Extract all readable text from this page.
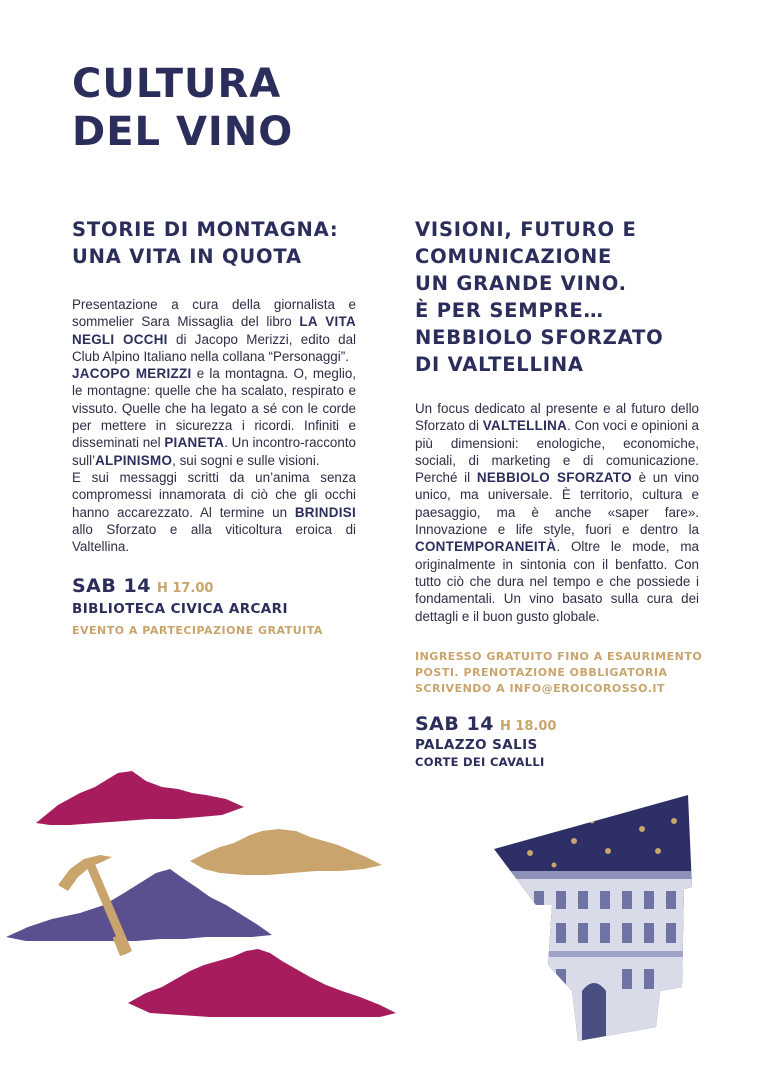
CULTURA
DEL VINO
STORIE DI MONTAGNA:
UNA VITA IN QUOTA

Presentazione a cura della giornalista e sommelier Sara Missaglia del libro LA VITA NEGLI OCCHI di Jacopo Merizzi, edito dal Club Alpino Italiano nella collana “Personaggi”.

JACOPO MERIZZI e la montagna. O, meglio, le montagne: quelle che ha scalato, respirato e vissuto. Quelle che ha legato a sé con le corde per mettere in sicurezza i ricordi. Infiniti e disseminati nel PIANETA. Un incontro-racconto sull’ALPINISMO, sui sogni e sulle visioni.

E sui messaggi scritti da un’anima senza compromessi innamorata di ciò che gli occhi hanno accarezzato. Al termine un BRINDISI allo Sforzato e alla viticoltura eroica di Valtellina.

SAB 14 H 17.00

BIBLIOTECA CIVICA ARCARI

EVENTO A PARTECIPAZIONE GRATUITA

VISIONI, FUTURO E
COMUNICAZIONE
UN GRANDE VINO.
È PER SEMPRE…
NEBBIOLO SFORZATO
DI VALTELLINA

Un focus dedicato al presente e al futuro dello Sforzato di VALTELLINA. Con voci e opinioni a più dimensioni: enologiche, economiche, sociali, di marketing e di comunicazione. Perché il NEBBIOLO SFORZATO è un vino unico, ma universale. È territorio, cultura e paesaggio, ma è anche «saper fare». Innovazione e life style, fuori e dentro la CONTEMPORANEITÀ. Oltre le mode, ma originalmente in sintonia con il benfatto. Con tutto ciò che dura nel tempo e che possiede i fondamentali. Un vino basato sulla cura dei dettagli e il buon gusto globale.

INGRESSO GRATUITO FINO A ESAURIMENTO
POSTI. PRENOTAZIONE OBBLIGATORIA
SCRIVENDO A INFO@EROICOROSSO.IT

SAB 14 H 18.00

PALAZZO SALIS

CORTE DEI CAVALLI
